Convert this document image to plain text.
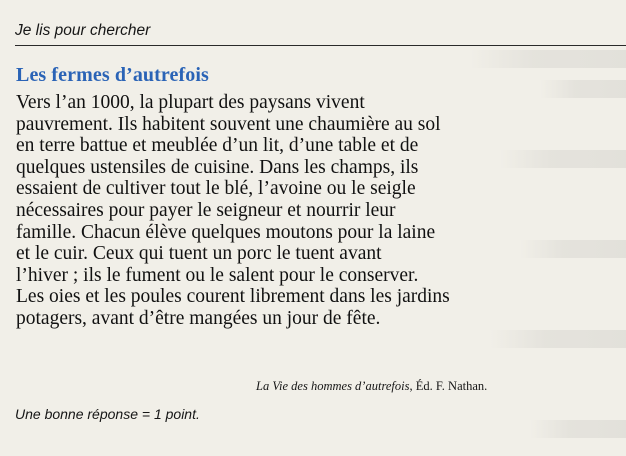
Je lis pour chercher
Les fermes d’autrefois
Vers l’an 1000, la plupart des paysans vivent
pauvrement. Ils habitent souvent une chaumière au sol
en terre battue et meublée d’un lit, d’une table et de
quelques ustensiles de cuisine. Dans les champs, ils
essaient de cultiver tout le blé, l’avoine ou le seigle
nécessaires pour payer le seigneur et nourrir leur
famille. Chacun élève quelques moutons pour la laine
et le cuir. Ceux qui tuent un porc le tuent avant
l’hiver ; ils le fument ou le salent pour le conserver.
Les oies et les poules courent librement dans les jardins
potagers, avant d’être mangées un jour de fête.
La Vie des hommes d’autrefois, Éd. F. Nathan.
Une bonne réponse = 1 point.
